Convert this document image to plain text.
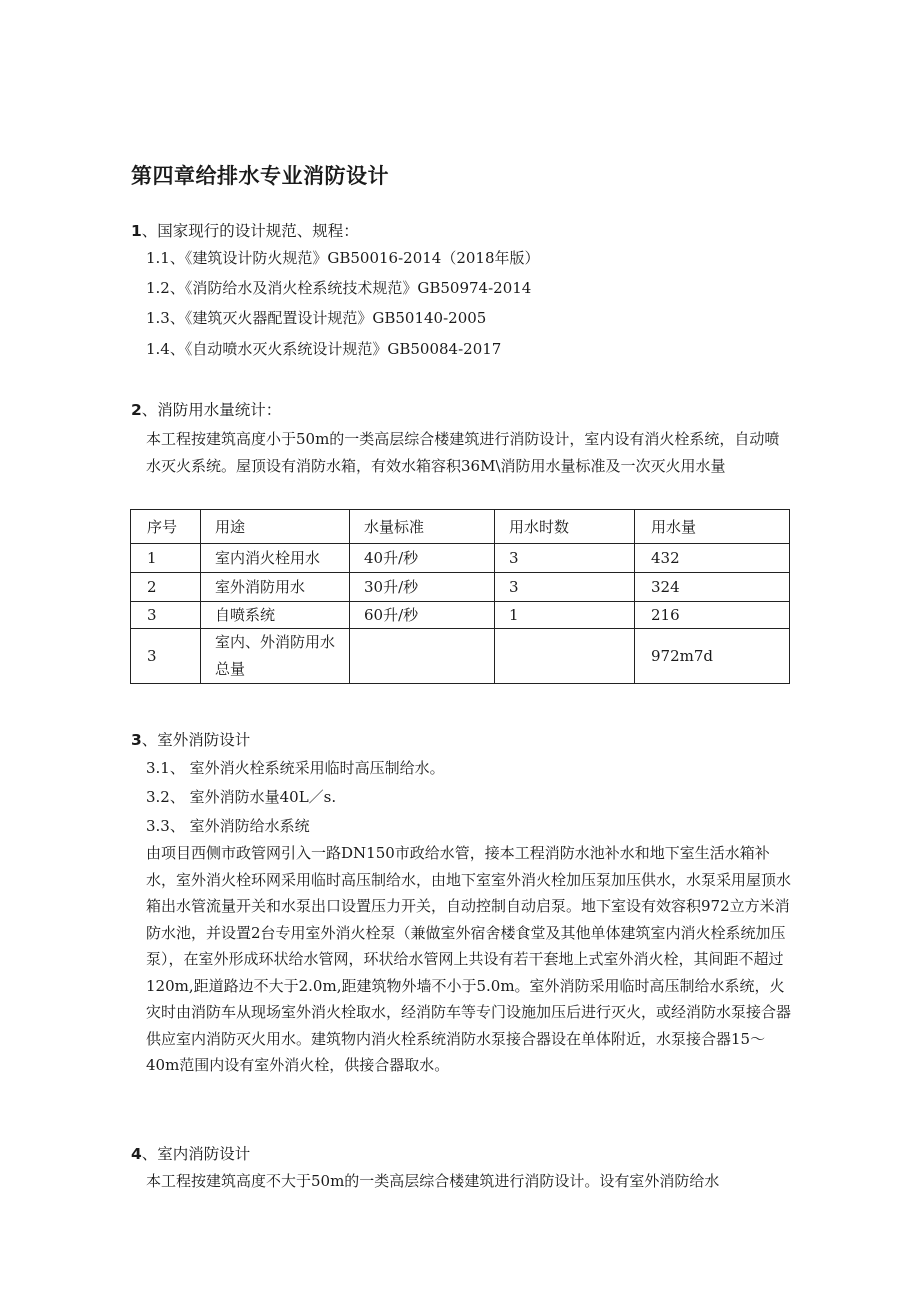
第四章给排水专业消防设计
1、国家现行的设计规范、规程：
1.1、《建筑设计防火规范》GB50016-2014（2018年版）
1.2、《消防给水及消火栓系统技术规范》GB50974-2014
1.3、《建筑灭火器配置设计规范》GB50140-2005
1.4、《自动喷水灭火系统设计规范》GB50084-2017
2、消防用水量统计：
本工程按建筑高度小于50m的一类高层综合楼建筑进行消防设计，室内设有消火栓系统，自动喷水灭火系统。屋顶设有消防水箱，有效水箱容积36M\消防用水量标准及一次灭火用水量
序号	用途	水量标准	用水时数	用水量
1	室内消火栓用水	40升/秒	3	432
2	室外消防用水	30升/秒	3	324
3	自喷系统	60升/秒	1	216
3	室内、外消防用水总量			972m7d
3、室外消防设计
3.1、 室外消火栓系统采用临时高压制给水。
3.2、 室外消防水量40L／s.
3.3、 室外消防给水系统
由项目西侧市政管网引入一路DN150市政给水管，接本工程消防水池补水和地下室生活水箱补水，室外消火栓环网采用临时高压制给水，由地下室室外消火栓加压泵加压供水，水泵采用屋顶水箱出水管流量开关和水泵出口设置压力开关，自动控制自动启泵。地下室设有效容积972立方米消防水池，并设置2台专用室外消火栓泵（兼做室外宿舍楼食堂及其他单体建筑室内消火栓系统加压泵），在室外形成环状给水管网，环状给水管网上共设有若干套地上式室外消火栓，其间距不超过120m,距道路边不大于2.0m,距建筑物外墙不小于5.0m。室外消防采用临时高压制给水系统，火灾时由消防车从现场室外消火栓取水，经消防车等专门设施加压后进行灭火，或经消防水泵接合器供应室内消防灭火用水。建筑物内消火栓系统消防水泵接合器设在单体附近，水泵接合器15～40m范围内设有室外消火栓，供接合器取水。
4、室内消防设计
本工程按建筑高度不大于50m的一类高层综合楼建筑进行消防设计。设有室外消防给水
